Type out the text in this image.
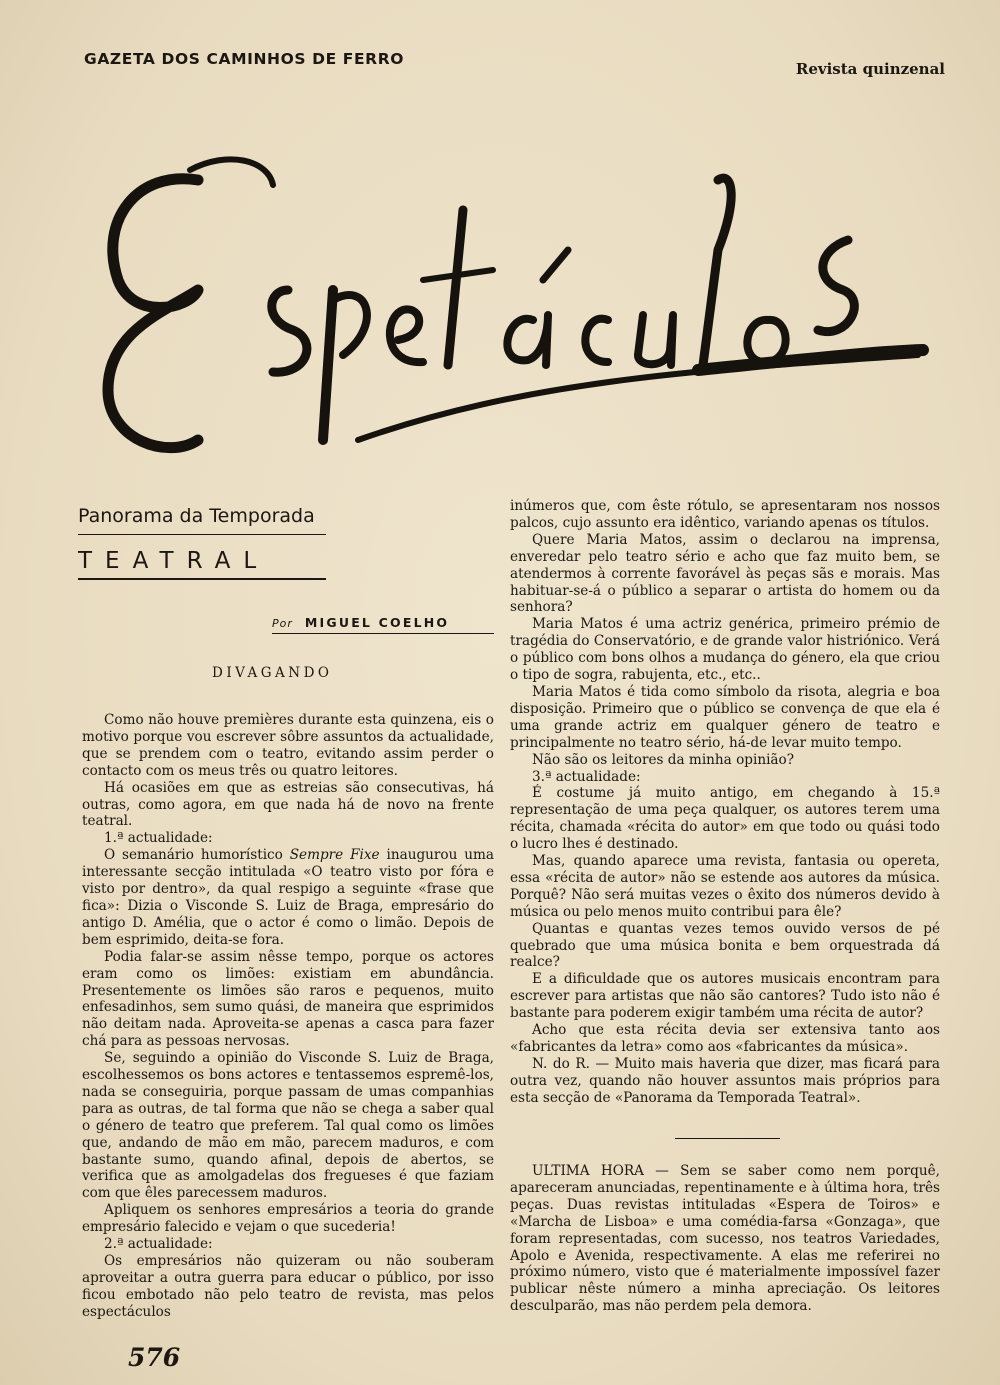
GAZETA DOS CAMINHOS DE FERRO
Revista quinzenal
Panorama da Temporada
TEATRAL
Por MIGUEL COELHO
DIVAGANDO

Como não houve premières durante esta quinzena, eis o motivo porque vou escrever sôbre assuntos da actualidade, que se prendem com o teatro, evitando assim perder o contacto com os meus três ou quatro leitores.

Há ocasiões em que as estreias são consecutivas, há outras, como agora, em que nada há de novo na frente teatral.

1.ª actualidade:

O semanário humorístico Sempre Fixe inaugurou uma interessante secção intitulada «O teatro visto por fóra e visto por dentro», da qual respigo a seguinte «frase que fica»: Dizia o Visconde S. Luiz de Braga, empresário do antigo D. Amélia, que o actor é como o limão. Depois de bem esprimido, deita-se fora.

Podia falar-se assim nêsse tempo, porque os actores eram como os limões: existiam em abundância. Presentemente os limões são raros e pequenos, muito enfesadinhos, sem sumo quási, de maneira que esprimidos não deitam nada. Aproveita-se apenas a casca para fazer chá para as pessoas nervosas.

Se, seguindo a opinião do Visconde S. Luiz de Braga, escolhessemos os bons actores e tentassemos espremê-los, nada se conseguiria, porque passam de umas companhias para as outras, de tal forma que não se chega a saber qual o género de teatro que preferem. Tal qual como os limões que, andando de mão em mão, parecem maduros, e com bastante sumo, quando afinal, depois de abertos, se verifica que as amolgadelas dos fregueses é que faziam com que êles parecessem maduros.

Apliquem os senhores empresários a teoria do grande empresário falecido e vejam o que sucederia!

2.ª actualidade:

Os empresários não quizeram ou não souberam aproveitar a outra guerra para educar o público, por isso ficou embotado não pelo teatro de revista, mas pelos espectáculos

inúmeros que, com êste rótulo, se apresentaram nos nossos palcos, cujo assunto era idêntico, variando apenas os títulos.

Quere Maria Matos, assim o declarou na imprensa, enveredar pelo teatro sério e acho que faz muito bem, se atendermos à corrente favorável às peças sãs e morais. Mas habituar-se-á o público a separar o artista do homem ou da senhora?

Maria Matos é uma actriz genérica, primeiro prémio de tragédia do Conservatório, e de grande valor histriónico. Verá o público com bons olhos a mudança do género, ela que criou o tipo de sogra, rabujenta, etc., etc..

Maria Matos é tida como símbolo da risota, alegria e boa disposição. Primeiro que o público se convença de que ela é uma grande actriz em qualquer género de teatro e principalmente no teatro sério, há-de levar muito tempo.

Não são os leitores da minha opinião?

3.ª actualidade:

É costume já muito antigo, em chegando à 15.ª representação de uma peça qualquer, os autores terem uma récita, chamada «récita do autor» em que todo ou quási todo o lucro lhes é destinado.

Mas, quando aparece uma revista, fantasia ou opereta, essa «récita de autor» não se estende aos autores da música. Porquê? Não será muitas vezes o êxito dos números devido à música ou pelo menos muito contribui para êle?

Quantas e quantas vezes temos ouvido versos de pé quebrado que uma música bonita e bem orquestrada dá realce?

E a dificuldade que os autores musicais encontram para escrever para artistas que não são cantores? Tudo isto não é bastante para poderem exigir também uma récita de autor?

Acho que esta récita devia ser extensiva tanto aos «fabricantes da letra» como aos «fabricantes da música».

N. do R. — Muito mais haveria que dizer, mas ficará para outra vez, quando não houver assuntos mais próprios para esta secção de «Panorama da Temporada Teatral».

ULTIMA HORA — Sem se saber como nem porquê, apareceram anunciadas, repentinamente e à última hora, três peças. Duas revistas intituladas «Espera de Toiros» e «Marcha de Lisboa» e uma comédia-farsa «Gonzaga», que foram representadas, com sucesso, nos teatros Variedades, Apolo e Avenida, respectivamente. A elas me referirei no próximo número, visto que é materialmente impossível fazer publicar nêste número a minha apreciação. Os leitores desculparão, mas não perdem pela demora.

576
